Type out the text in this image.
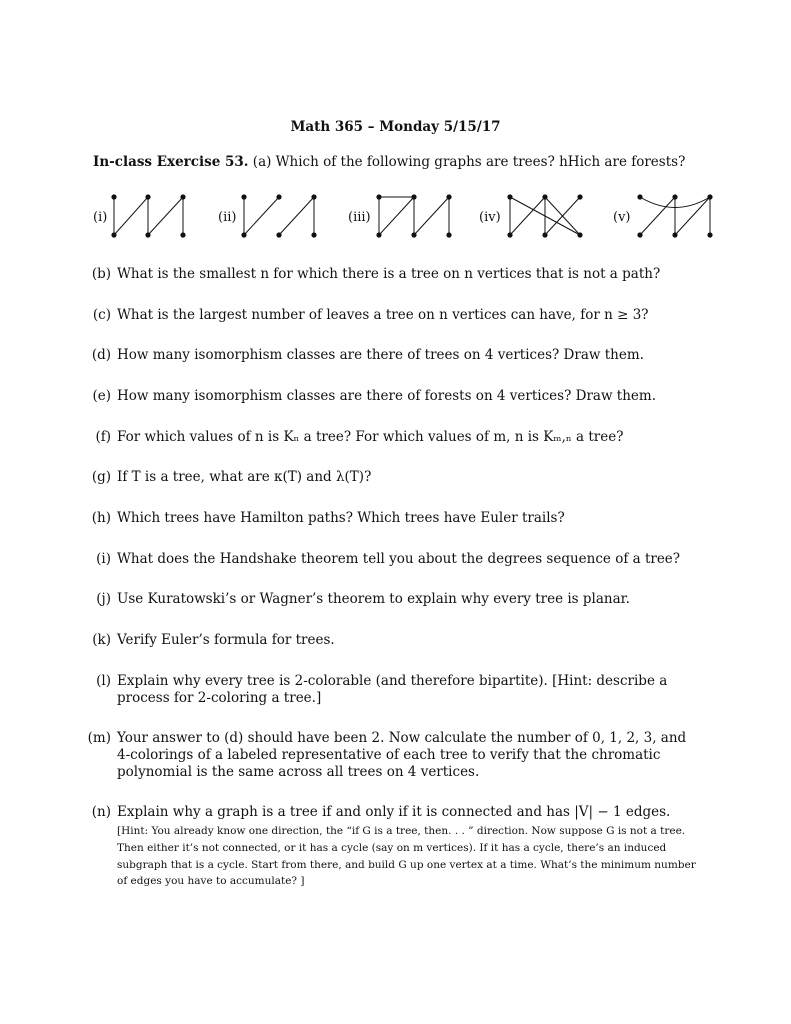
Math 365 – Monday 5/15/17
In-class Exercise 53. (a) Which of the following graphs are trees? hHich are forests?
(i)	(ii)	(iii)	(iv)	(v)
(b) What is the smallest n for which there is a tree on n vertices that is not a path?
(c) What is the largest number of leaves a tree on n vertices can have, for n ≥ 3?
(d) How many isomorphism classes are there of trees on 4 vertices? Draw them.
(e) How many isomorphism classes are there of forests on 4 vertices? Draw them.
(f) For which values of n is Kₙ a tree? For which values of m, n is Kₘ,ₙ a tree?
(g) If T is a tree, what are κ(T) and λ(T)?
(h) Which trees have Hamilton paths? Which trees have Euler trails?
(i) What does the Handshake theorem tell you about the degrees sequence of a tree?
(j) Use Kuratowski’s or Wagner’s theorem to explain why every tree is planar.
(k) Verify Euler’s formula for trees.
(l) Explain why every tree is 2-colorable (and therefore bipartite). [Hint: describe a process for 2-coloring a tree.]
(m) Your answer to (d) should have been 2. Now calculate the number of 0, 1, 2, 3, and 4-colorings of a labeled representative of each tree to verify that the chromatic polynomial is the same across all trees on 4 vertices.
(n) Explain why a graph is a tree if and only if it is connected and has |V| − 1 edges.
[Hint: You already know one direction, the “if G is a tree, then. . . ” direction. Now suppose G is not a tree. Then either it’s not connected, or it has a cycle (say on m vertices). If it has a cycle, there’s an induced subgraph that is a cycle. Start from there, and build G up one vertex at a time. What’s the minimum number of edges you have to accumulate? ]
